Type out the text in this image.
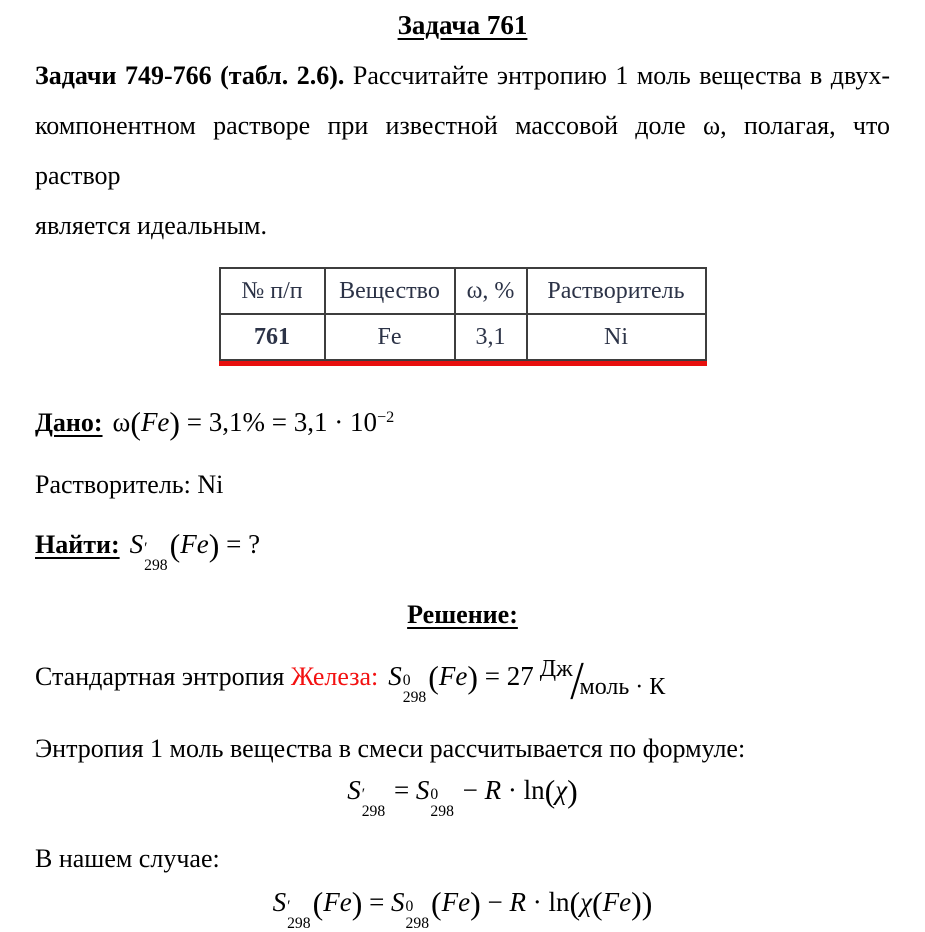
Задача 761
Задачи 749-766 (табл. 2.6). Рассчитайте энтропию 1 моль вещества в двух-
компонентном растворе при известной массовой доле ω, полагая, что раствор
является идеальным.
№ п/п	Вещество	ω, %	Растворитель
761	Fe	3,1	Ni
Дано: $\omega(Fe) = 3,1\% = 3,1 \cdot 10^{-2}$
Растворитель: Ni
Найти: S ′
298
(Fe) = ?
Решение:
Стандартная энтропия Железа: S 0
298
(Fe) = 27 Дж∕моль · К
Энтропия 1 моль вещества в смеси рассчитывается по формуле:
S ′
298
= S 0
298
− R · ln(χ)
В нашем случае:
S ′
298
(Fe) = S 0
298
(Fe) − R · ln(χ(Fe))
